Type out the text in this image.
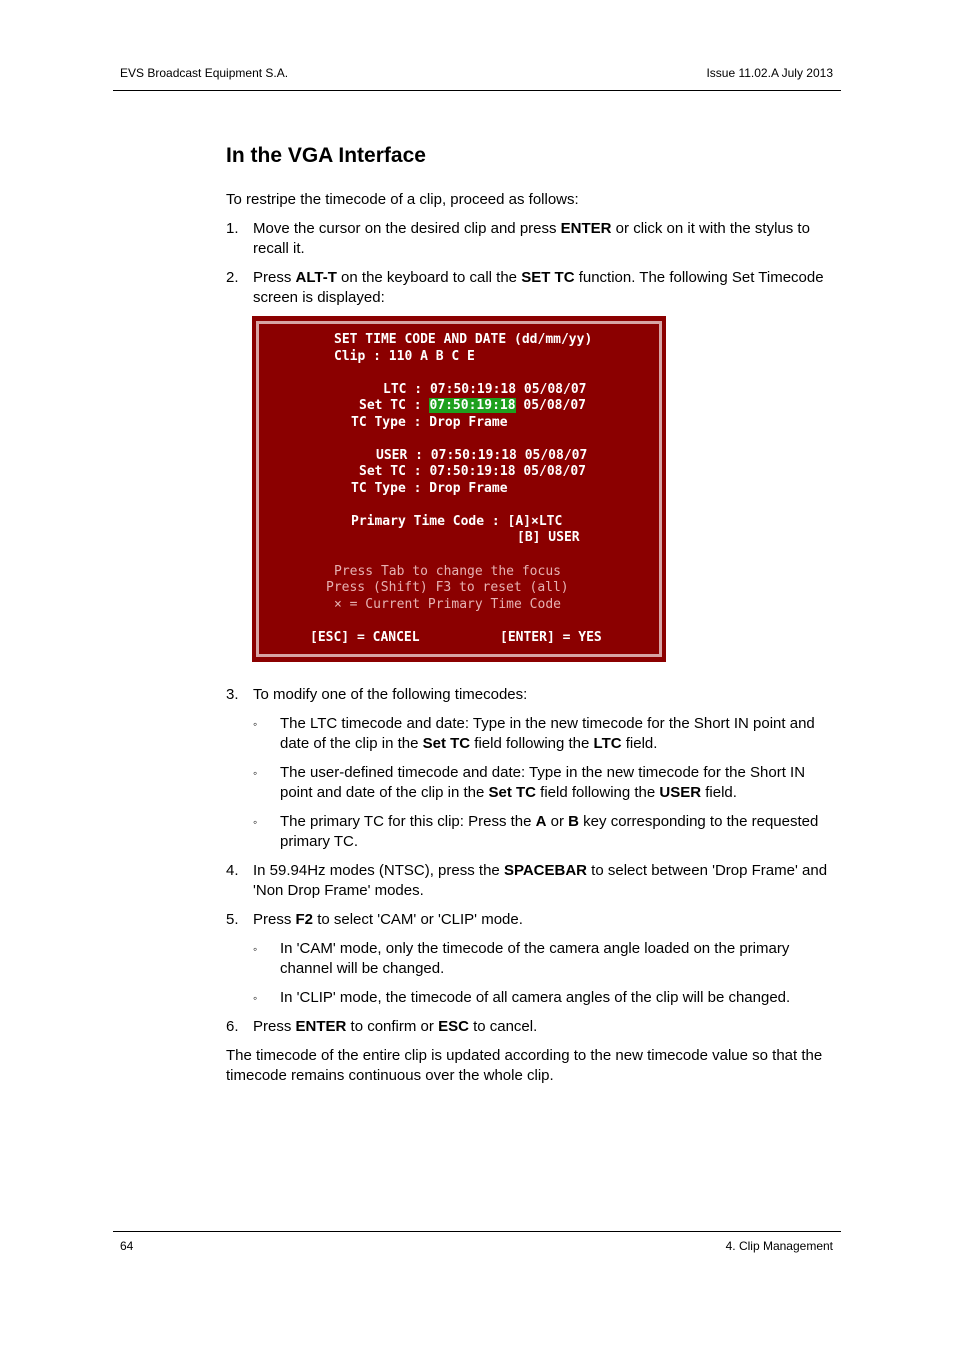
EVS Broadcast Equipment S.A.	Issue 11.02.A July 2013
In the VGA Interface

To restripe the timecode of a clip, proceed as follows:

1. Move the cursor on the desired clip and press ENTER or click on it with the stylus to recall it.
2. Press ALT-T on the keyboard to call the SET TC function. The following Set Timecode screen is displayed:
3. To modify one of the following timecodes:
◦ The LTC timecode and date: Type in the new timecode for the Short IN point and date of the clip in the Set TC field following the LTC field.
◦ The user-defined timecode and date: Type in the new timecode for the Short IN point and date of the clip in the Set TC field following the USER field.
◦ The primary TC for this clip: Press the A or B key corresponding to the requested primary TC.
4. In 59.94Hz modes (NTSC), press the SPACEBAR to select between 'Drop Frame' and 'Non Drop Frame' modes.
5. Press F2 to select 'CAM' or 'CLIP' mode.
◦ In 'CAM' mode, only the timecode of the camera angle loaded on the primary channel will be changed.
◦ In 'CLIP' mode, the timecode of all camera angles of the clip will be changed.
6. Press ENTER to confirm or ESC to cancel.

The timecode of the entire clip is updated according to the new timecode value so that the timecode remains continuous over the whole clip.

SET TIME CODE AND DATE (dd/mm/yy)
Clip : 110 A B C E
LTC : 07:50:19:18 05/08/07
Set TC : 07:50:19:18 05/08/07
TC Type : Drop Frame
USER : 07:50:19:18 05/08/07
Set TC : 07:50:19:18 05/08/07
TC Type : Drop Frame
Primary Time Code : [A]×LTC
[B] USER
Press Tab to change the focus
Press (Shift) F3 to reset (all)
× = Current Primary Time Code
[ESC] = CANCEL	[ENTER] = YES
64	4. Clip Management
